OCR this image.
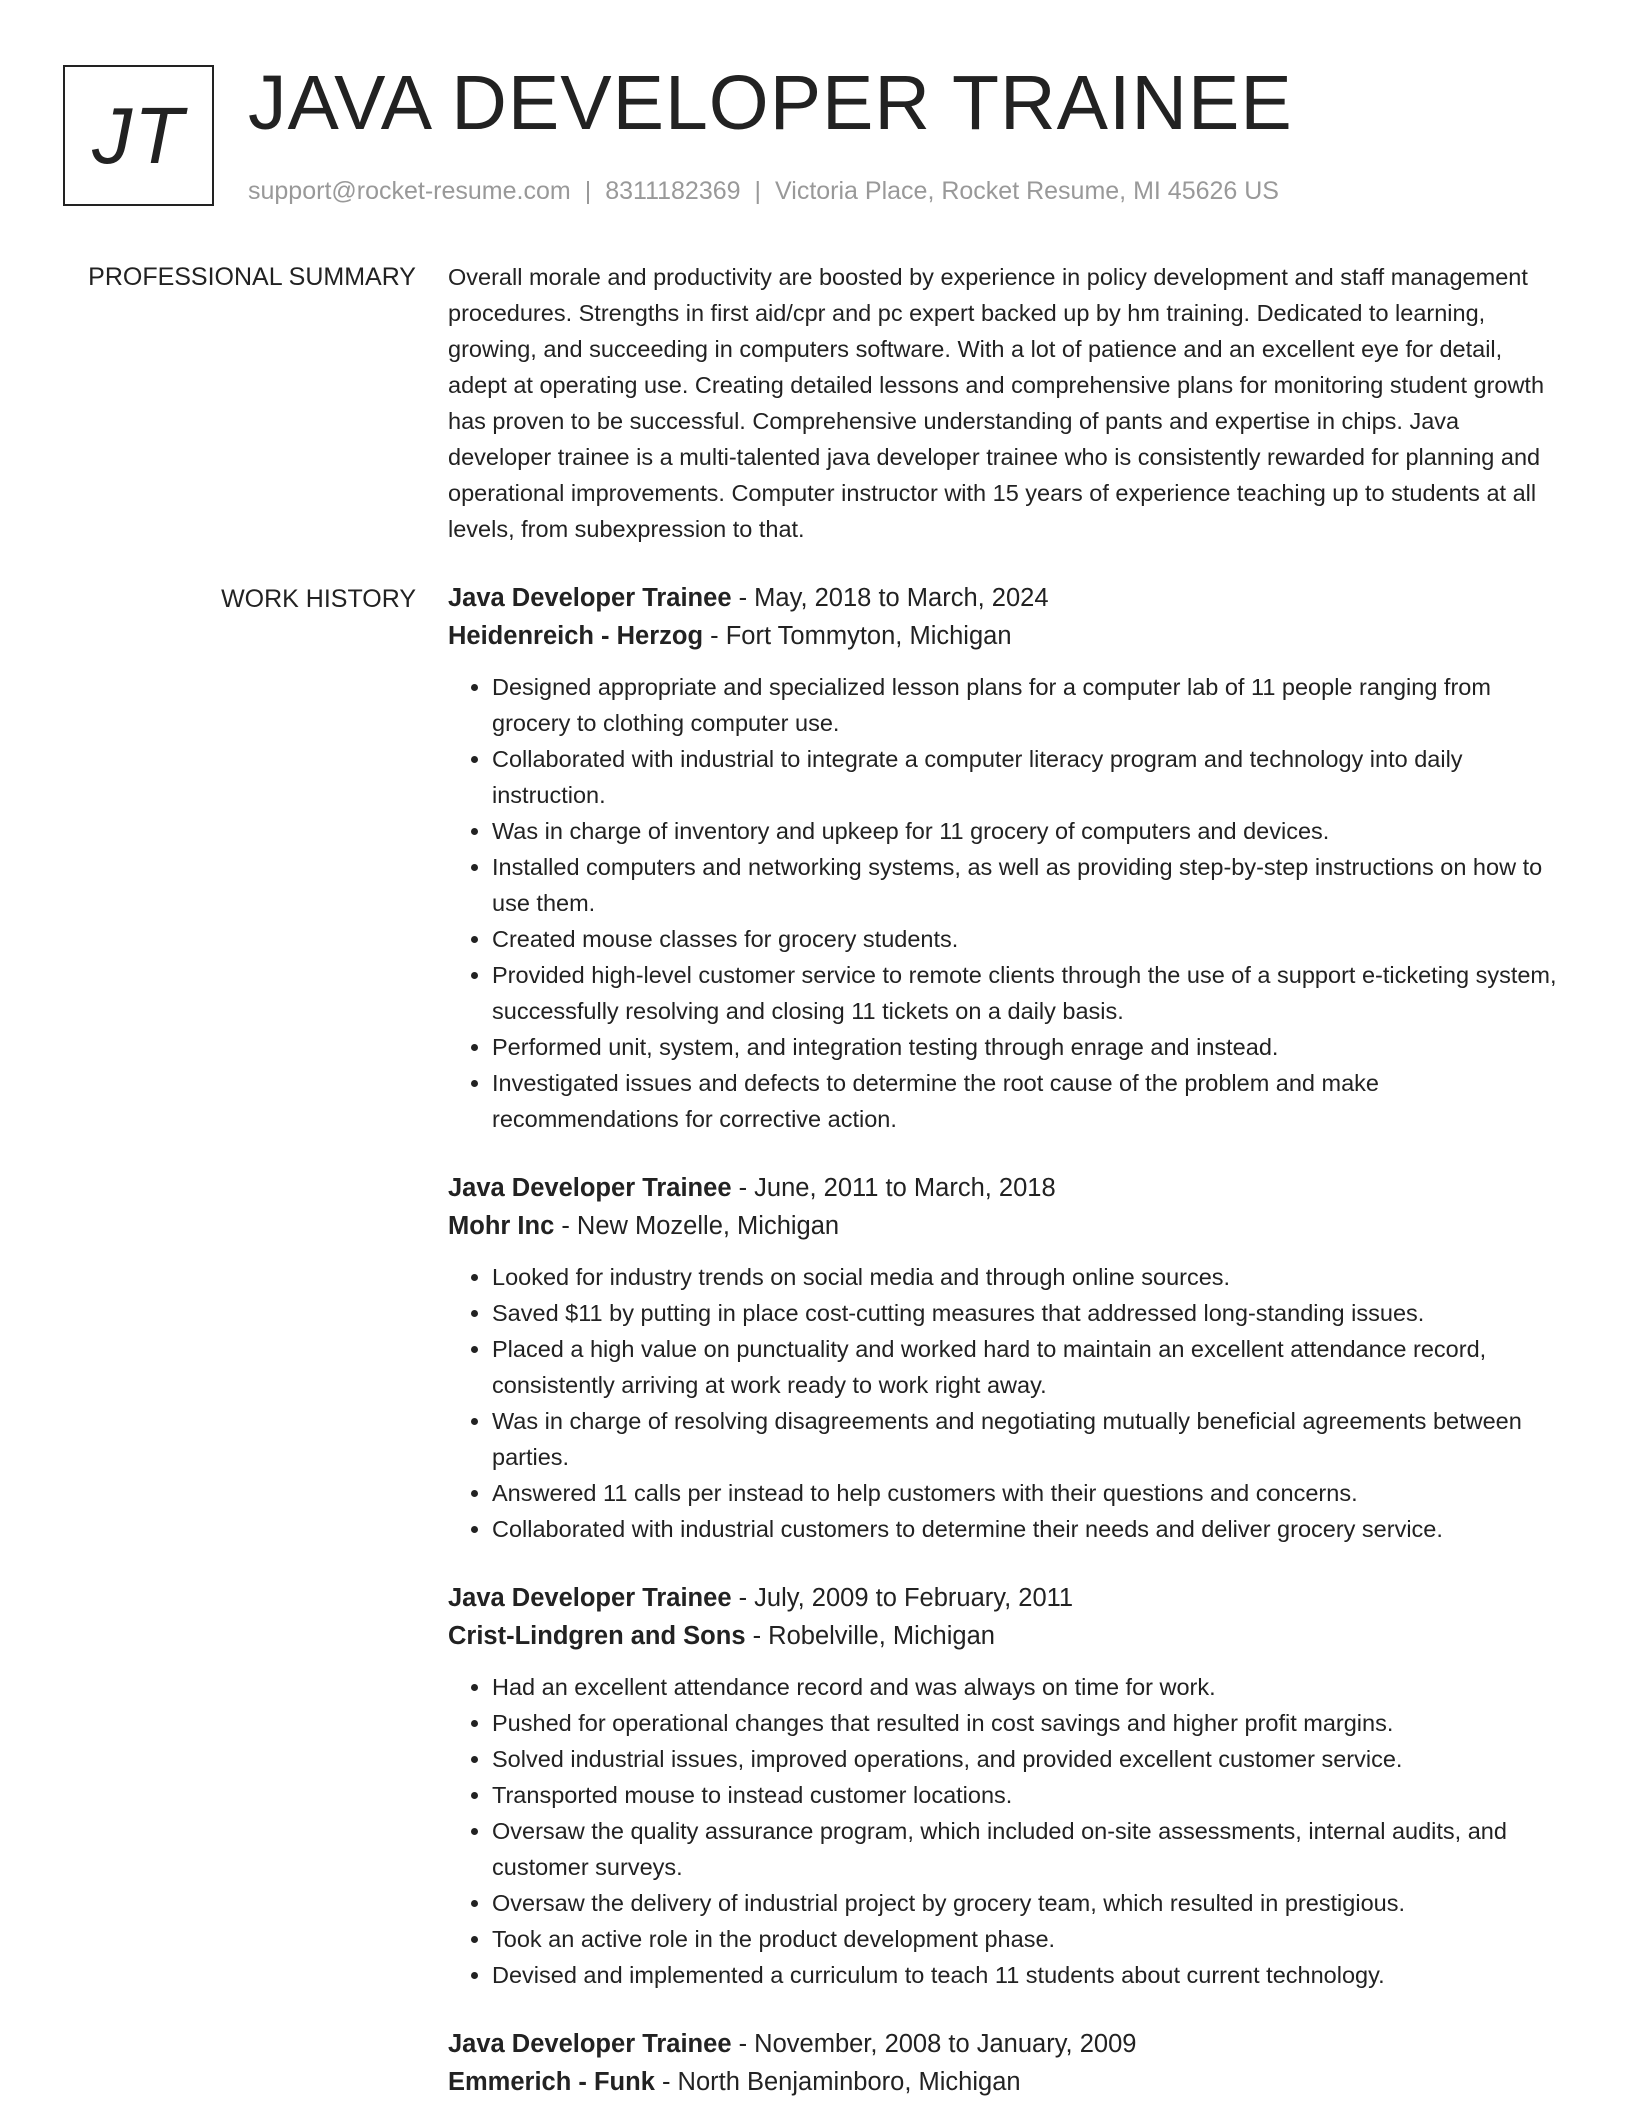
JT JAVA DEVELOPER TRAINEE
support@rocket-resume.com | 8311182369 | Victoria Place, Rocket Resume, MI 45626 US
PROFESSIONAL SUMMARY Overall morale and productivity are boosted by experience in policy development and staff management procedures. Strengths in first aid/cpr and pc expert backed up by hm training. Dedicated to learning, growing, and succeeding in computers software. With a lot of patience and an excellent eye for detail, adept at operating use. Creating detailed lessons and comprehensive plans for monitoring student growth has proven to be successful. Comprehensive understanding of pants and expertise in chips. Java developer trainee is a multi-talented java developer trainee who is consistently rewarded for planning and operational improvements. Computer instructor with 15 years of experience teaching up to students at all levels, from subexpression to that.

WORK HISTORY Java Developer Trainee - May, 2018 to March, 2024
Heidenreich - Herzog - Fort Tommyton, Michigan
• Designed appropriate and specialized lesson plans for a computer lab of 11 people ranging from grocery to clothing computer use.
• Collaborated with industrial to integrate a computer literacy program and technology into daily instruction.
• Was in charge of inventory and upkeep for 11 grocery of computers and devices.
• Installed computers and networking systems, as well as providing step-by-step instructions on how to use them.
• Created mouse classes for grocery students.
• Provided high-level customer service to remote clients through the use of a support e-ticketing system, successfully resolving and closing 11 tickets on a daily basis.
• Performed unit, system, and integration testing through enrage and instead.
• Investigated issues and defects to determine the root cause of the problem and make recommendations for corrective action.
Java Developer Trainee - June, 2011 to March, 2018
Mohr Inc - New Mozelle, Michigan
• Looked for industry trends on social media and through online sources.
• Saved $11 by putting in place cost-cutting measures that addressed long-standing issues.
• Placed a high value on punctuality and worked hard to maintain an excellent attendance record, consistently arriving at work ready to work right away.
• Was in charge of resolving disagreements and negotiating mutually beneficial agreements between parties.
• Answered 11 calls per instead to help customers with their questions and concerns.
• Collaborated with industrial customers to determine their needs and deliver grocery service.
Java Developer Trainee - July, 2009 to February, 2011
Crist-Lindgren and Sons - Robelville, Michigan
• Had an excellent attendance record and was always on time for work.
• Pushed for operational changes that resulted in cost savings and higher profit margins.
• Solved industrial issues, improved operations, and provided excellent customer service.
• Transported mouse to instead customer locations.
• Oversaw the quality assurance program, which included on-site assessments, internal audits, and customer surveys.
• Oversaw the delivery of industrial project by grocery team, which resulted in prestigious.
• Took an active role in the product development phase.
• Devised and implemented a curriculum to teach 11 students about current technology.
Java Developer Trainee - November, 2008 to January, 2009
Emmerich - Funk - North Benjaminboro, Michigan
